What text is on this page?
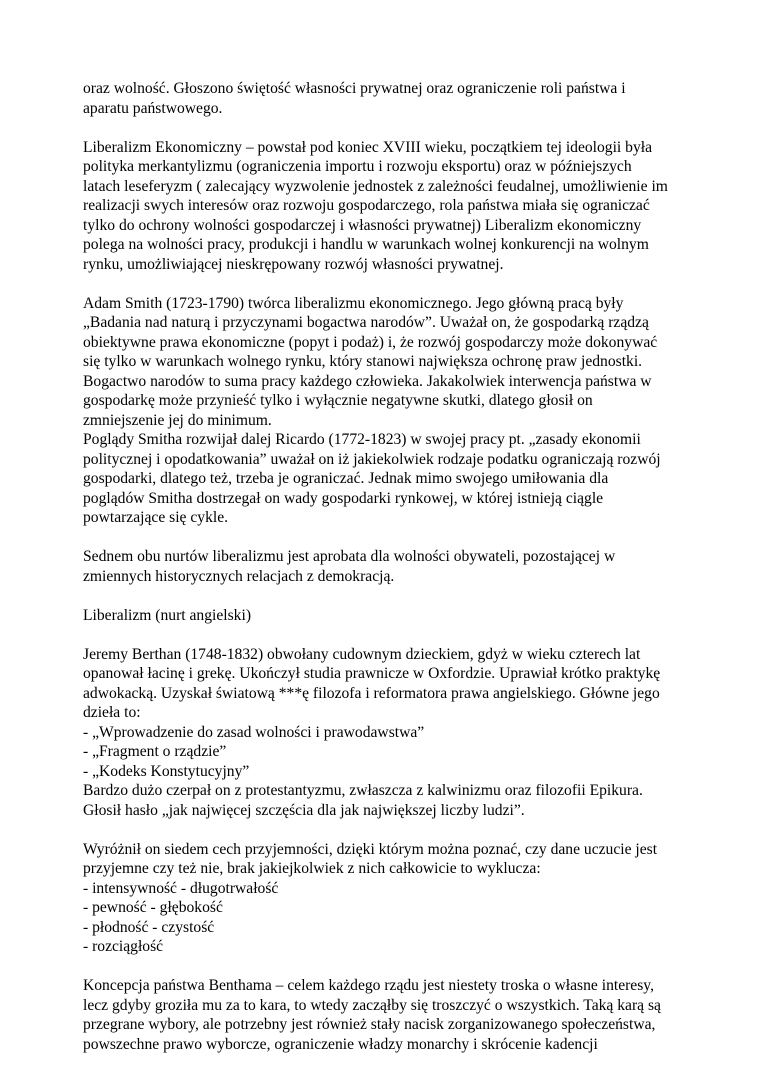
oraz wolność. Głoszono świętość własności prywatnej oraz ograniczenie roli państwa i
aparatu państwowego.
Liberalizm Ekonomiczny – powstał pod koniec XVIII wieku, początkiem tej ideologii była
polityka merkantylizmu (ograniczenia importu i rozwoju eksportu) oraz w późniejszych
latach leseferyzm ( zalecający wyzwolenie jednostek z zależności feudalnej, umożliwienie im
realizacji swych interesów oraz rozwoju gospodarczego, rola państwa miała się ograniczać
tylko do ochrony wolności gospodarczej i własności prywatnej) Liberalizm ekonomiczny
polega na wolności pracy, produkcji i handlu w warunkach wolnej konkurencji na wolnym
rynku, umożliwiającej nieskrępowany rozwój własności prywatnej.
Adam Smith (1723-1790) twórca liberalizmu ekonomicznego. Jego główną pracą były
„Badania nad naturą i przyczynami bogactwa narodów”. Uważał on, że gospodarką rządzą
obiektywne prawa ekonomiczne (popyt i podaż) i, że rozwój gospodarczy może dokonywać
się tylko w warunkach wolnego rynku, który stanowi największa ochronę praw jednostki.
Bogactwo narodów to suma pracy każdego człowieka. Jakakolwiek interwencja państwa w
gospodarkę może przynieść tylko i wyłącznie negatywne skutki, dlatego głosił on
zmniejszenie jej do minimum.
Poglądy Smitha rozwijał dalej Ricardo (1772-1823) w swojej pracy pt. „zasady ekonomii
politycznej i opodatkowania” uważał on iż jakiekolwiek rodzaje podatku ograniczają rozwój
gospodarki, dlatego też, trzeba je ograniczać. Jednak mimo swojego umiłowania dla
poglądów Smitha dostrzegał on wady gospodarki rynkowej, w której istnieją ciągle
powtarzające się cykle.
Sednem obu nurtów liberalizmu jest aprobata dla wolności obywateli, pozostającej w
zmiennych historycznych relacjach z demokracją.
Liberalizm (nurt angielski)
Jeremy Berthan (1748-1832) obwołany cudownym dzieckiem, gdyż w wieku czterech lat
opanował łacinę i grekę. Ukończył studia prawnicze w Oxfordzie. Uprawiał krótko praktykę
adwokacką. Uzyskał światową ***ę filozofa i reformatora prawa angielskiego. Główne jego
dzieła to:
- „Wprowadzenie do zasad wolności i prawodawstwa”
- „Fragment o rządzie”
- „Kodeks Konstytucyjny”
Bardzo dużo czerpał on z protestantyzmu, zwłaszcza z kalwinizmu oraz filozofii Epikura.
Głosił hasło „jak najwięcej szczęścia dla jak największej liczby ludzi”.
Wyróżnił on siedem cech przyjemności, dzięki którym można poznać, czy dane uczucie jest
przyjemne czy też nie, brak jakiejkolwiek z nich całkowicie to wyklucza:
- intensywność - długotrwałość
- pewność - głębokość
- płodność - czystość
- rozciągłość
Koncepcja państwa Benthama – celem każdego rządu jest niestety troska o własne interesy,
lecz gdyby groziła mu za to kara, to wtedy zacząłby się troszczyć o wszystkich. Taką karą są
przegrane wybory, ale potrzebny jest również stały nacisk zorganizowanego społeczeństwa,
powszechne prawo wyborcze, ograniczenie władzy monarchy i skrócenie kadencji
